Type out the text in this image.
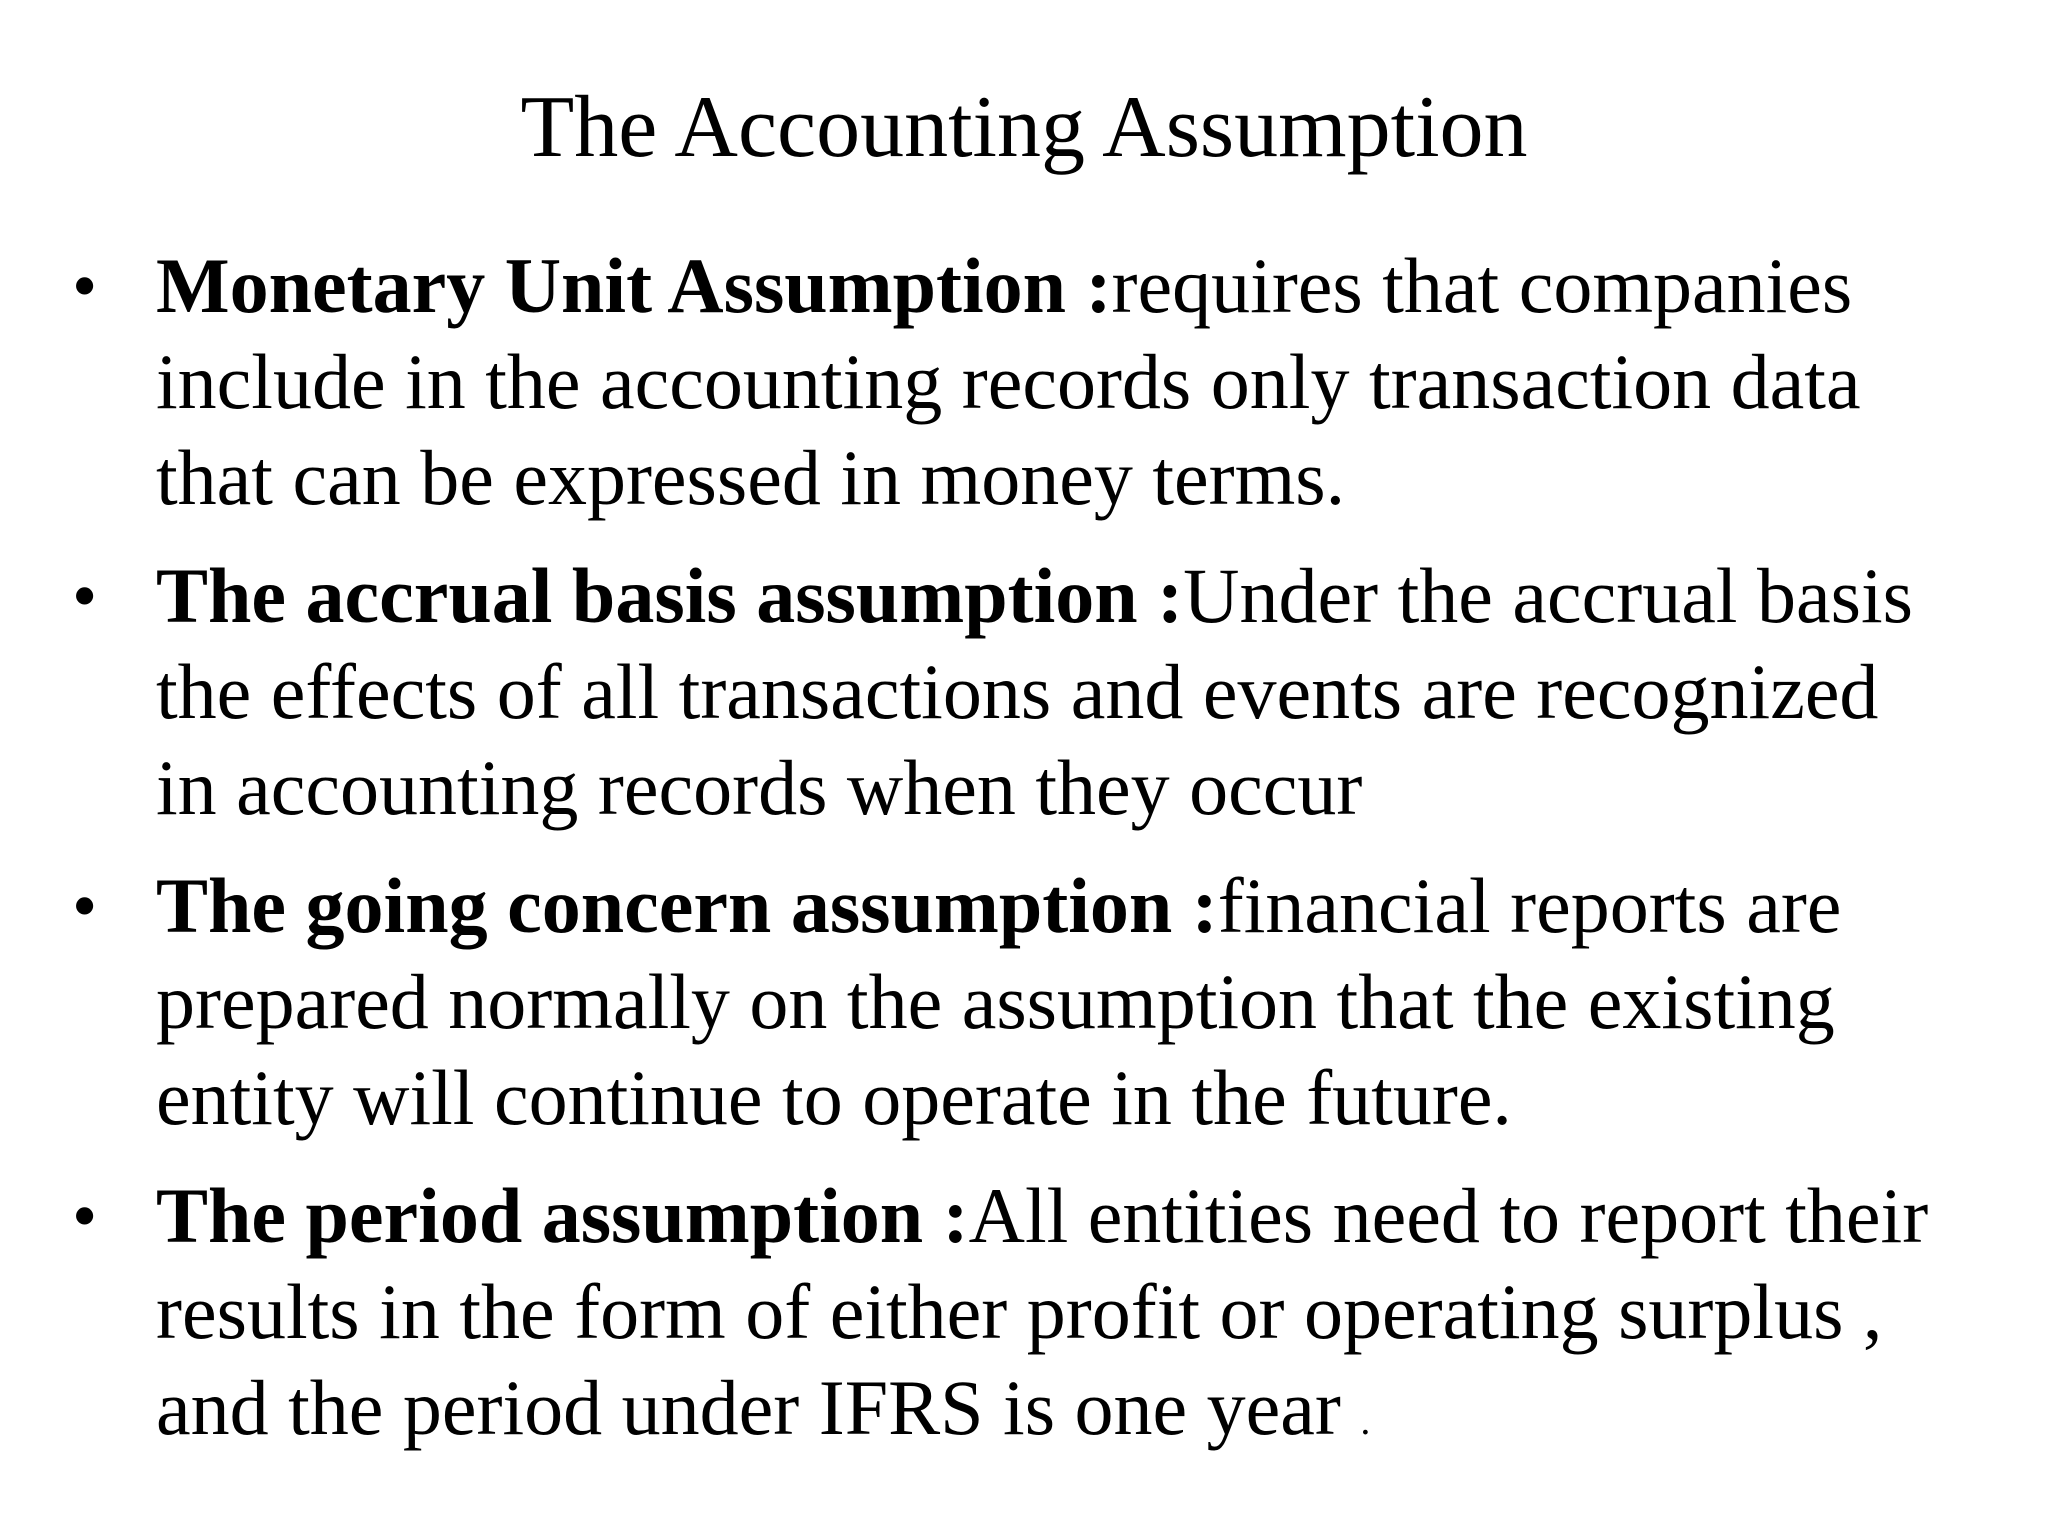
The Accounting Assumption
• Monetary Unit Assumption :requires that companies
include in the accounting records only transaction data
that can be expressed in money terms.
• The accrual basis assumption :Under the accrual basis
the effects of all transactions and events are recognized
in accounting records when they occur
• The going concern assumption :financial reports are
prepared normally on the assumption that the existing
entity will continue to operate in the future.
• The period assumption :All entities need to report their
results in the form of either profit or operating surplus ,
and the period under IFRS is one year .
